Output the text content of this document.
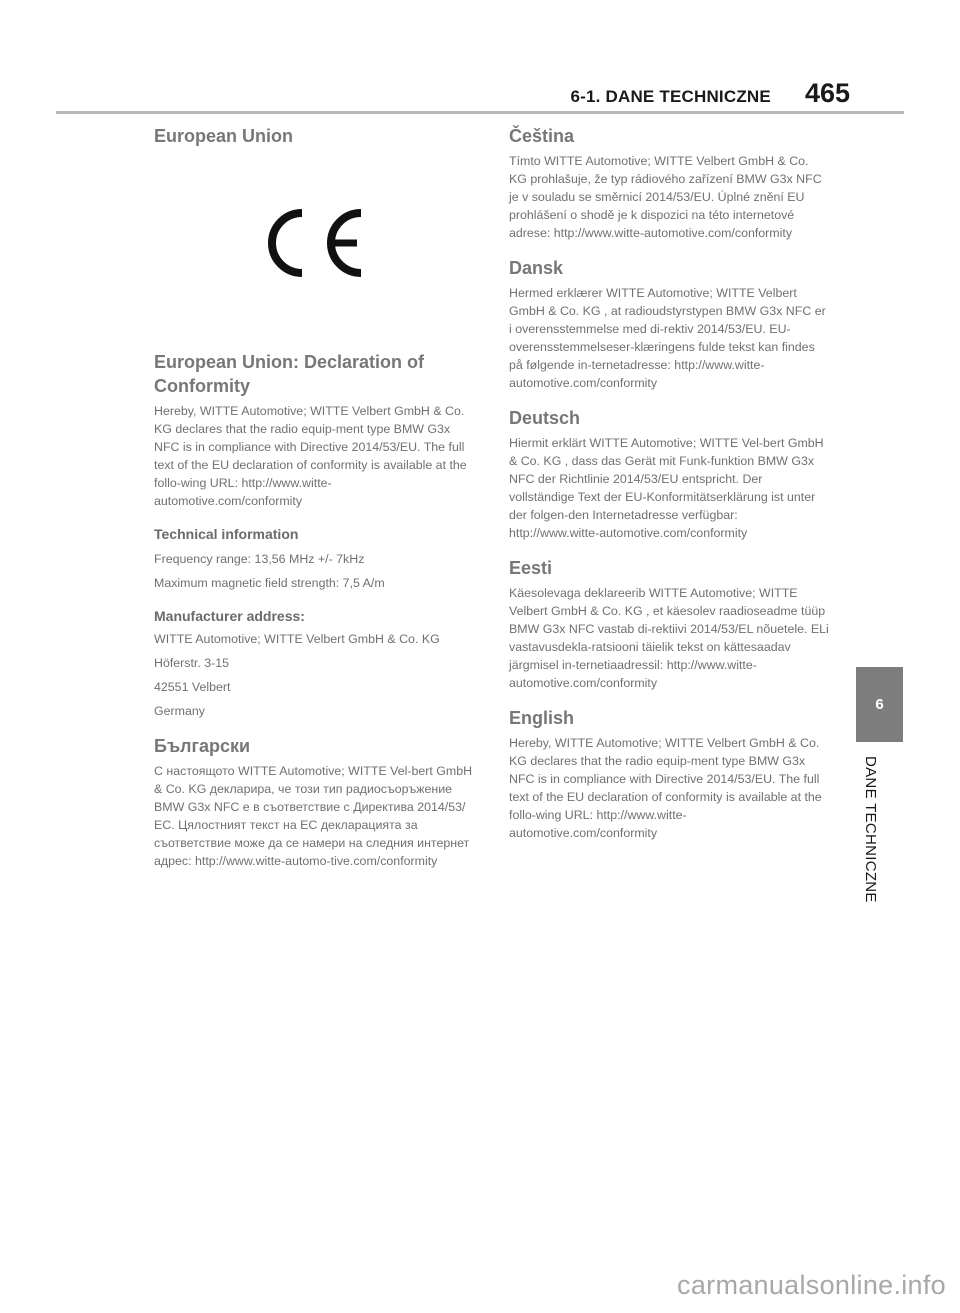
6-1. DANE TECHNICZNE 465
European Union
European Union: Declaration of Conformity

Hereby, WITTE Automotive; WITTE Velbert GmbH & Co. KG declares that the radio equip-ment type BMW G3x NFC is in compliance with Directive 2014/53/EU. The full text of the EU declaration of conformity is available at the follo-wing URL: http://www.witte-automotive.com/conformity

Technical information

Frequency range: 13,56 MHz +/- 7kHz

Maximum magnetic field strength: 7,5 A/m

Manufacturer address:

WITTE Automotive; WITTE Velbert GmbH & Co. KG

Höferstr. 3-15

42551 Velbert

Germany

Български

С настоящото WITTE Automotive; WITTE Vel-bert GmbH & Co. KG декларира, че този тип радиосъоръжение BMW G3x NFC е в съответствие с Директива 2014/53/ЕС. Цялостният текст на ЕС декларацията за съответствие може да се намери на следния интернет адрес: http://www.witte-automo-tive.com/conformity

Čeština

Tímto WITTE Automotive; WITTE Velbert GmbH & Co. KG prohlašuje, že typ rádiového zařízení BMW G3x NFC je v souladu se směrnicí 2014/53/EU. Úplné znění EU prohlášení o shodě je k dispozici na této internetové adrese: http://www.witte-automotive.com/conformity

Dansk

Hermed erklærer WITTE Automotive; WITTE Velbert GmbH & Co. KG , at radioudstyrstypen BMW G3x NFC er i overensstemmelse med di-rektiv 2014/53/EU. EU-overensstemmelseser-klæringens fulde tekst kan findes på følgende in-ternetadresse: http://www.witte-automotive.com/conformity

Deutsch

Hiermit erklärt WITTE Automotive; WITTE Vel-bert GmbH & Co. KG , dass das Gerät mit Funk-funktion BMW G3x NFC der Richtlinie 2014/53/EU entspricht. Der vollständige Text der EU-Konformitätserklärung ist unter der folgen-den Internetadresse verfügbar: http://www.witte-automotive.com/conformity

Eesti

Käesolevaga deklareerib WITTE Automotive; WITTE Velbert GmbH & Co. KG , et käesolev raadioseadme tüüp BMW G3x NFC vastab di-rektiivi 2014/53/EL nõuetele. ELi vastavusdekla-ratsiooni täielik tekst on kättesaadav järgmisel in-ternetiaadressil: http://www.witte-automotive.com/conformity

English

Hereby, WITTE Automotive; WITTE Velbert GmbH & Co. KG declares that the radio equip-ment type BMW G3x NFC is in compliance with Directive 2014/53/EU. The full text of the EU declaration of conformity is available at the follo-wing URL: http://www.witte-automotive.com/conformity

6
DANE TECHNICZNE
carmanualsonline.info
